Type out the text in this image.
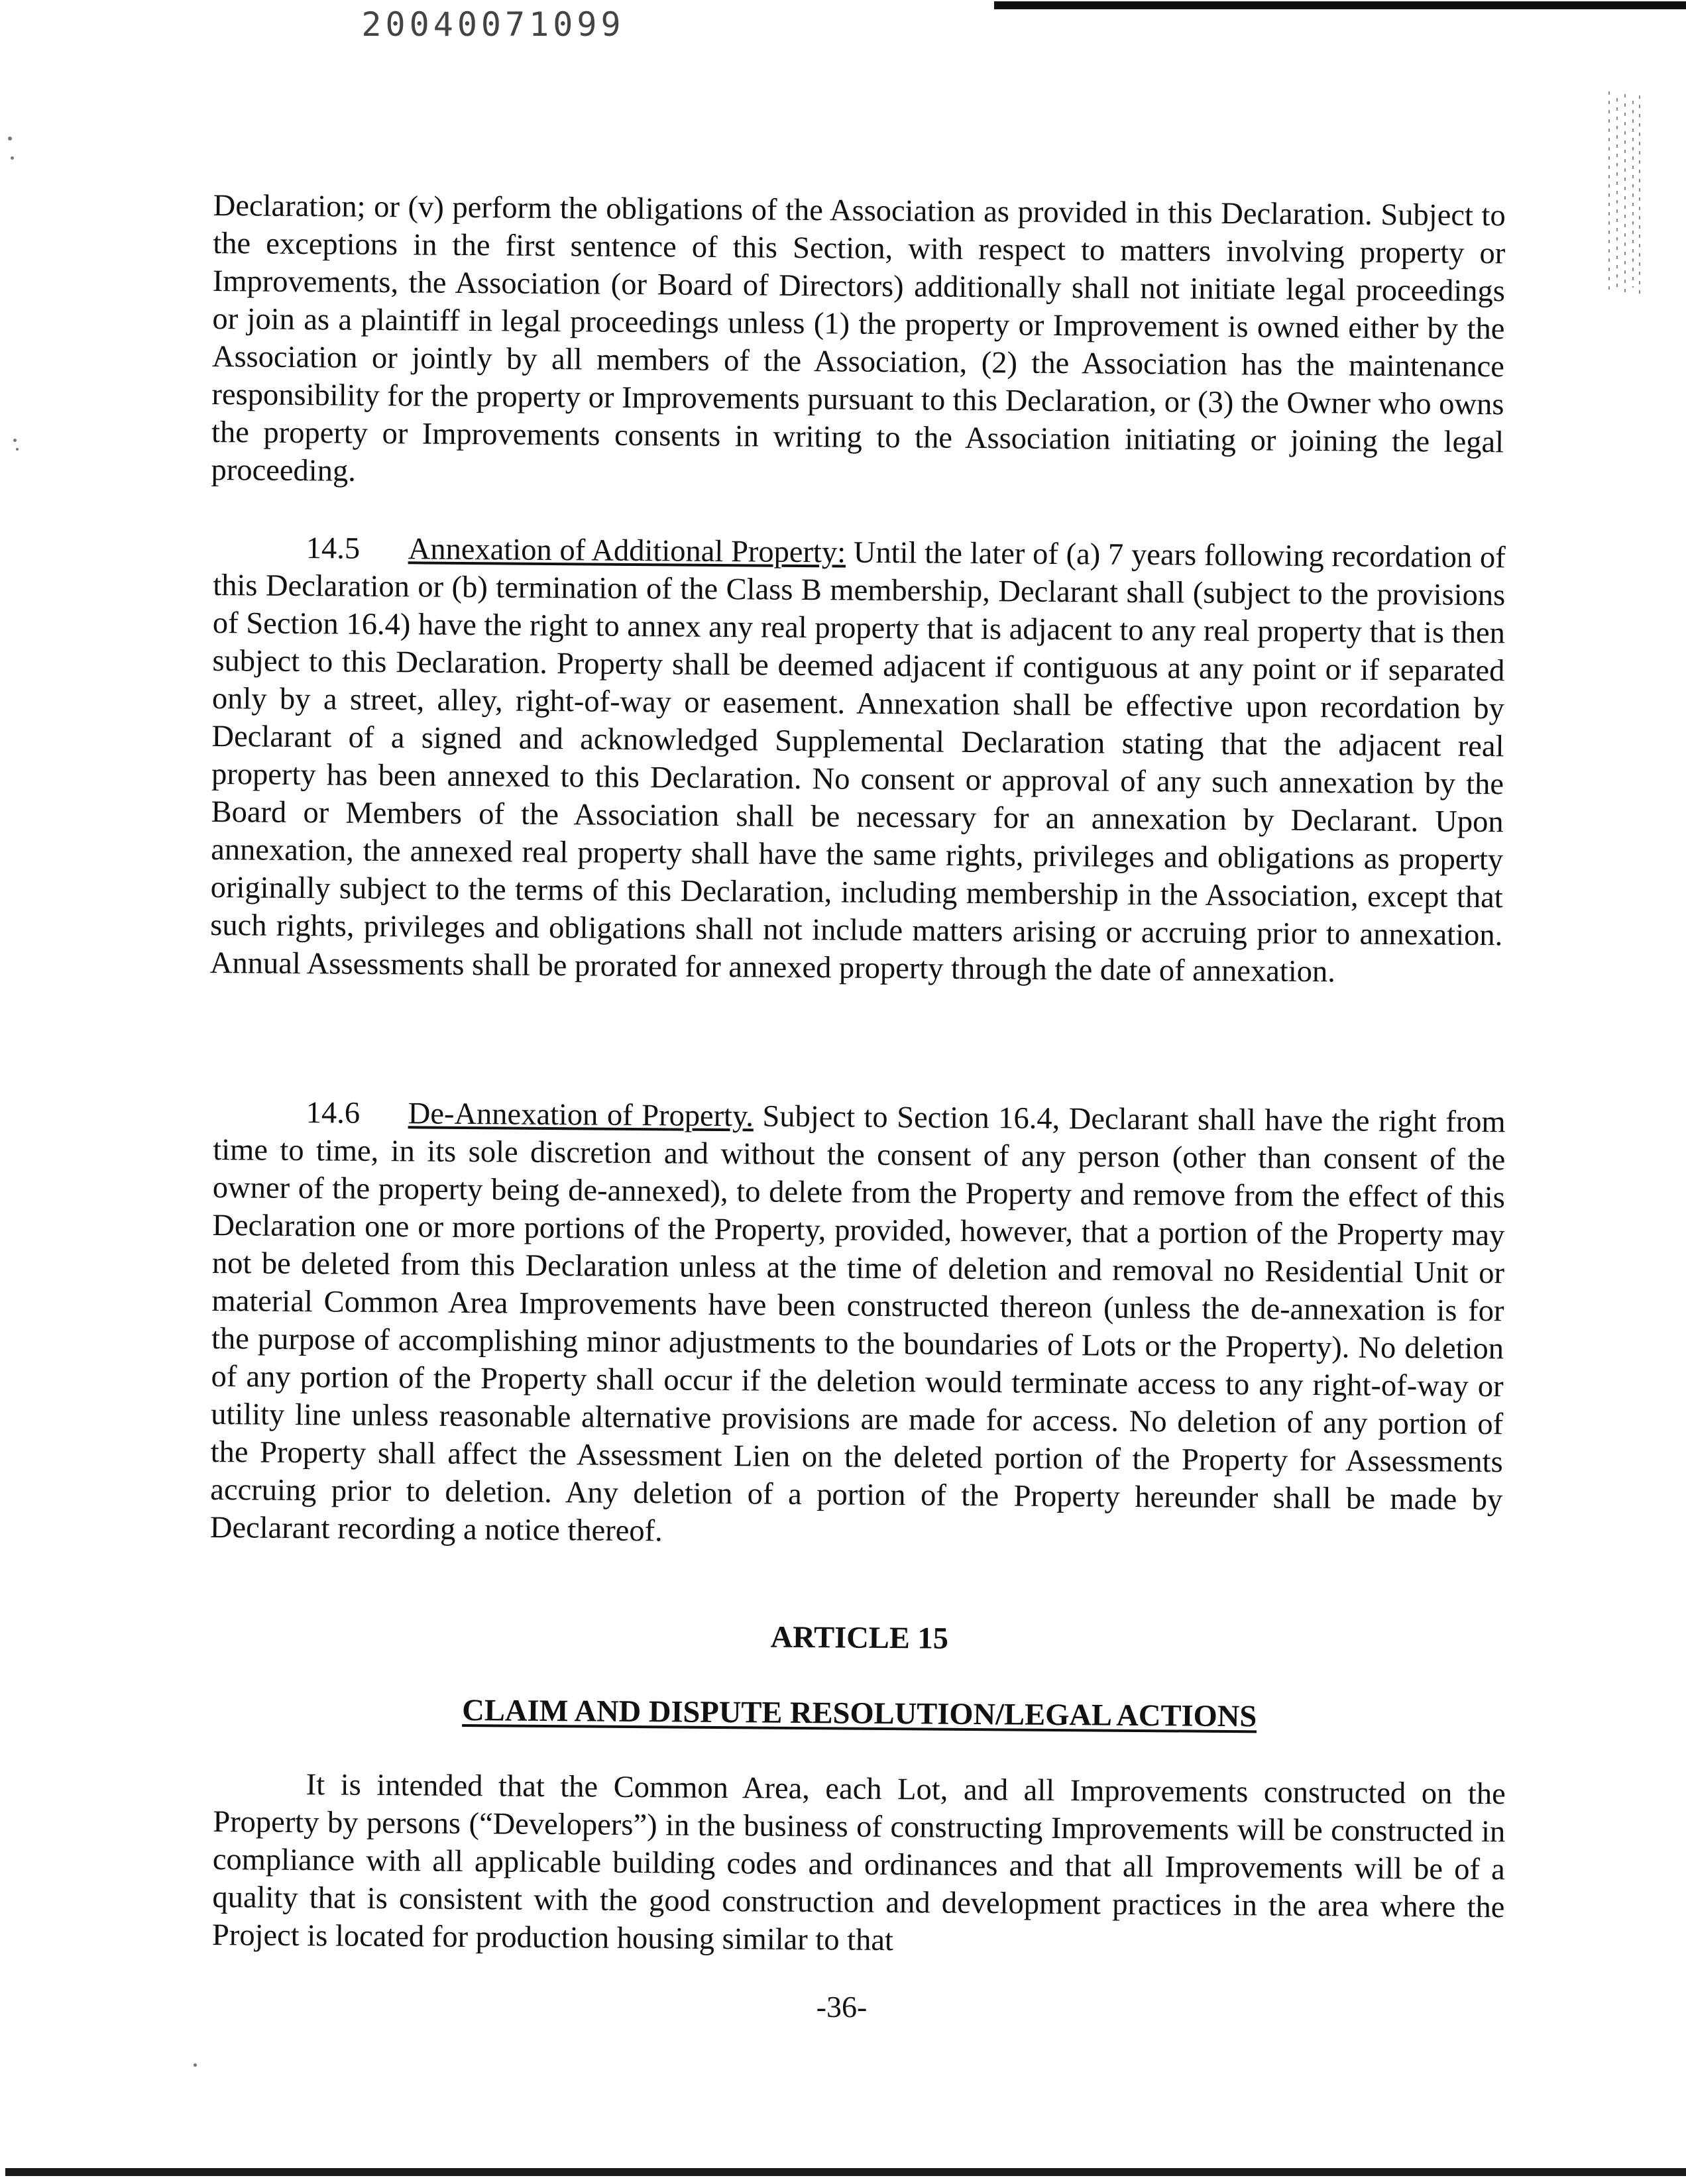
20040071099

Declaration; or (v) perform the obligations of the Association as provided in this Declaration. Subject to the exceptions in the first sentence of this Section, with respect to matters involving property or Improvements, the Association (or Board of Directors) additionally shall not initiate legal proceedings or join as a plaintiff in legal proceedings unless (1) the property or Improvement is owned either by the Association or jointly by all members of the Association, (2) the Association has the maintenance responsibility for the property or Improvements pursuant to this Declaration, or (3) the Owner who owns the property or Improvements consents in writing to the Association initiating or joining the legal proceeding.

14.5 Annexation of Additional Property: Until the later of (a) 7 years following recordation of this Declaration or (b) termination of the Class B membership, Declarant shall (subject to the provisions of Section 16.4) have the right to annex any real property that is adjacent to any real property that is then subject to this Declaration. Property shall be deemed adjacent if contiguous at any point or if separated only by a street, alley, right-of-way or easement. Annexation shall be effective upon recordation by Declarant of a signed and acknowledged Supplemental Declaration stating that the adjacent real property has been annexed to this Declaration. No consent or approval of any such annexation by the Board or Members of the Association shall be necessary for an annexation by Declarant. Upon annexation, the annexed real property shall have the same rights, privileges and obligations as property originally subject to the terms of this Declaration, including membership in the Association, except that such rights, privileges and obligations shall not include matters arising or accruing prior to annexation. Annual Assessments shall be prorated for annexed property through the date of annexation.

14.6 De-Annexation of Property. Subject to Section 16.4, Declarant shall have the right from time to time, in its sole discretion and without the consent of any person (other than consent of the owner of the property being de-annexed), to delete from the Property and remove from the effect of this Declaration one or more portions of the Property, provided, however, that a portion of the Property may not be deleted from this Declaration unless at the time of deletion and removal no Residential Unit or material Common Area Improvements have been constructed thereon (unless the de-annexation is for the purpose of accomplishing minor adjustments to the boundaries of Lots or the Property). No deletion of any portion of the Property shall occur if the deletion would terminate access to any right-of-way or utility line unless reasonable alternative provisions are made for access. No deletion of any portion of the Property shall affect the Assessment Lien on the deleted portion of the Property for Assessments accruing prior to deletion. Any deletion of a portion of the Property hereunder shall be made by Declarant recording a notice thereof.

ARTICLE 15

CLAIM AND DISPUTE RESOLUTION/LEGAL ACTIONS

It is intended that the Common Area, each Lot, and all Improvements constructed on the Property by persons (“Developers”) in the business of constructing Improvements will be constructed in compliance with all applicable building codes and ordinances and that all Improvements will be of a quality that is consistent with the good construction and development practices in the area where the Project is located for production housing similar to that

-36-
